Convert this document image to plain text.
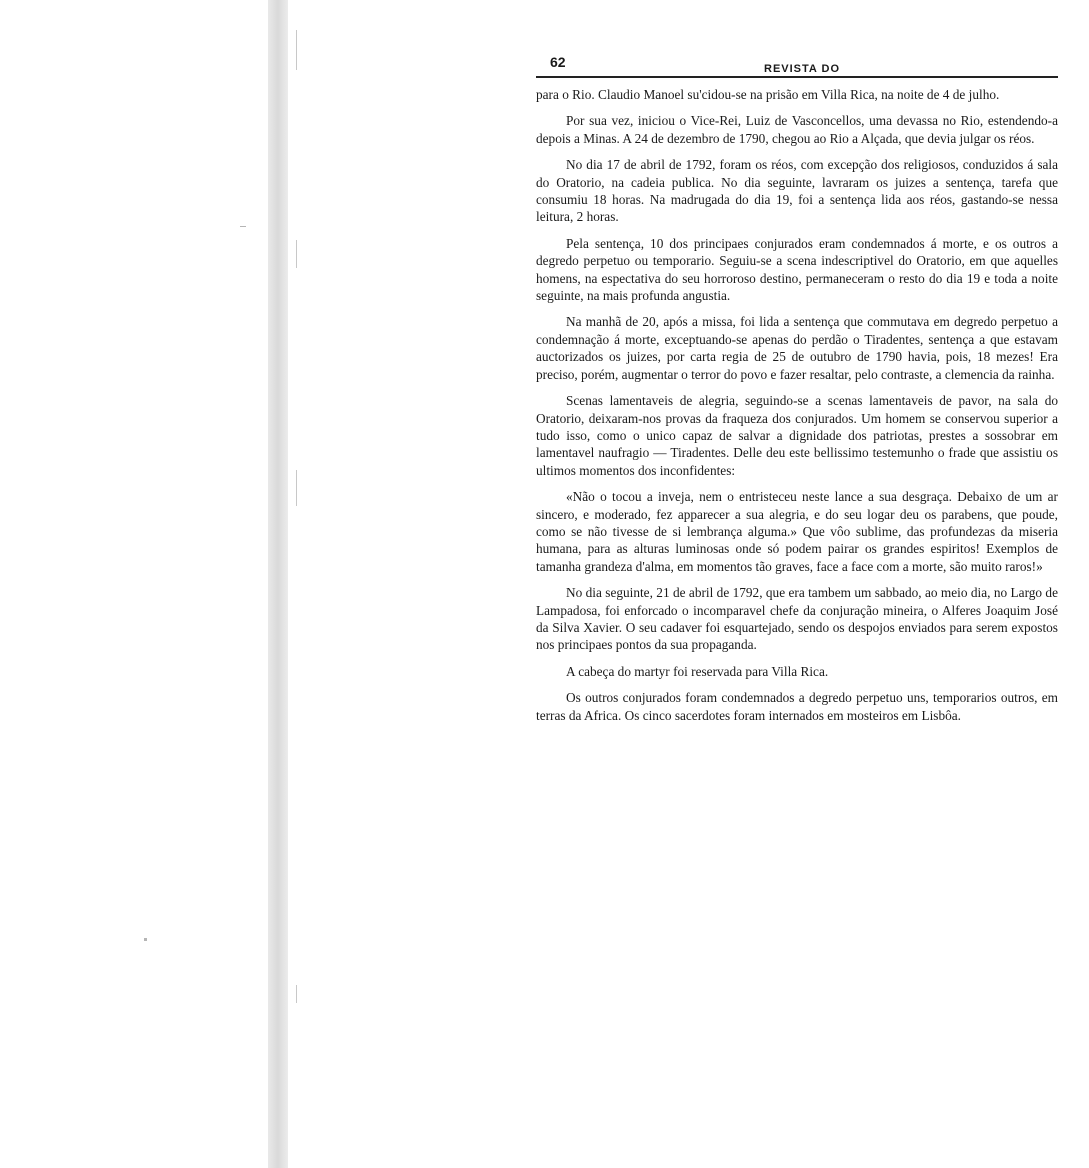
62	REVISTA DO

para o Rio. Claudio Manoel su'cidou-se na prisão em Villa Rica, na noite de 4 de julho.

Por sua vez, iniciou o Vice-Rei, Luiz de Vasconcellos, uma devassa no Rio, estendendo-a depois a Minas. A 24 de dezembro de 1790, chegou ao Rio a Alçada, que devia julgar os réos.

No dia 17 de abril de 1792, foram os réos, com excepção dos religiosos, conduzidos á sala do Oratorio, na cadeia publica. No dia seguinte, lavraram os juizes a sentença, tarefa que consumiu 18 horas. Na madrugada do dia 19, foi a sentença lida aos réos, gastando-se nessa leitura, 2 horas.

Pela sentença, 10 dos principaes conjurados eram condemnados á morte, e os outros a degredo perpetuo ou temporario. Seguiu-se a scena indescriptivel do Oratorio, em que aquelles homens, na espectativa do seu horroroso destino, permaneceram o resto do dia 19 e toda a noite seguinte, na mais profunda angustia.

Na manhã de 20, após a missa, foi lida a sentença que commutava em degredo perpetuo a condemnação á morte, exceptuando-se apenas do perdão o Tiradentes, sentença a que estavam auctorizados os juizes, por carta regia de 25 de outubro de 1790 havia, pois, 18 mezes! Era preciso, porém, augmentar o terror do povo e fazer resaltar, pelo contraste, a clemencia da rainha.

Scenas lamentaveis de alegria, seguindo-se a scenas lamentaveis de pavor, na sala do Oratorio, deixaram-nos provas da fraqueza dos conjurados. Um homem se conservou superior a tudo isso, como o unico capaz de salvar a dignidade dos patriotas, prestes a sossobrar em lamentavel naufragio — Tiradentes. Delle deu este bellissimo testemunho o frade que assistiu os ultimos momentos dos inconfidentes:

«Não o tocou a inveja, nem o entristeceu neste lance a sua desgraça. Debaixo de um ar sincero, e moderado, fez apparecer a sua alegria, e do seu logar deu os parabens, que poude, como se não tivesse de si lembrança alguma.» Que vôo sublime, das profundezas da miseria humana, para as alturas luminosas onde só podem pairar os grandes espiritos! Exemplos de tamanha grandeza d'alma, em momentos tão graves, face a face com a morte, são muito raros!»

No dia seguinte, 21 de abril de 1792, que era tambem um sabbado, ao meio dia, no Largo de Lampadosa, foi enforcado o incomparavel chefe da conjuração mineira, o Alferes Joaquim José da Silva Xavier. O seu cadaver foi esquartejado, sendo os despojos enviados para serem expostos nos principaes pontos da sua propaganda.

A cabeça do martyr foi reservada para Villa Rica.

Os outros conjurados foram condemnados a degredo perpetuo uns, temporarios outros, em terras da Africa. Os cinco sacerdotes foram internados em mosteiros em Lisbôa.
